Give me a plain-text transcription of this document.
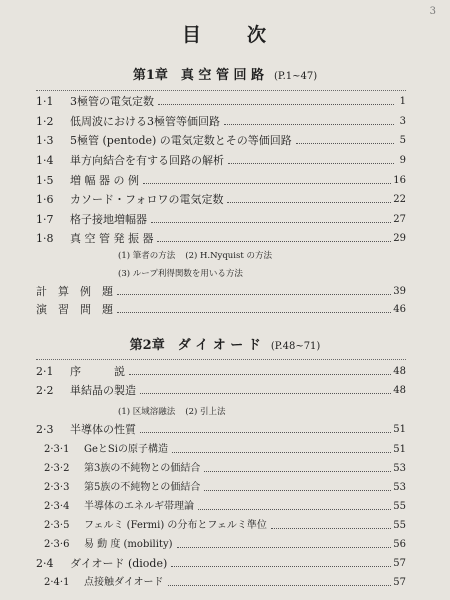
3
目 次
第1章　真 空 管 回 路 (P.1~47)
1·1	3極管の電気定数	1
1·2	低周波における3極管等価回路	3
1·3	5極管 (pentode) の電気定数とその等価回路	5
1·4	単方向結合を有する回路の解析	9
1·5	増 幅 器 の 例	16
1·6	カソード・フォロワの電気定数	22
1·7	格子接地増幅器	27
1·8	真 空 管 発 振 器	29
(1) 筆者の方法 (2) H.Nyquist の方法
(3) ループ利得関数を用いる方法
計　算　例　題	39
演　習　問　題	46
第2章　ダ イ オ ー ド (P.48~71)
2·1	序　　　説	48
2·2	単結晶の製造	48
(1) 区域溶融法 (2) 引上法
2·3	半導体の性質	51
2·3·1	GeとSiの原子構造	51
2·3·2	第3族の不純物との価結合	53
2·3·3	第5族の不純物との価結合	53
2·3·4	半導体のエネルギ帯理論	55
2·3·5	フェルミ (Fermi) の分布とフェルミ準位	55
2·3·6	易 動 度 (mobility)	56
2·4	ダイオード (diode)	57
2·4·1	点接触ダイオード	57
